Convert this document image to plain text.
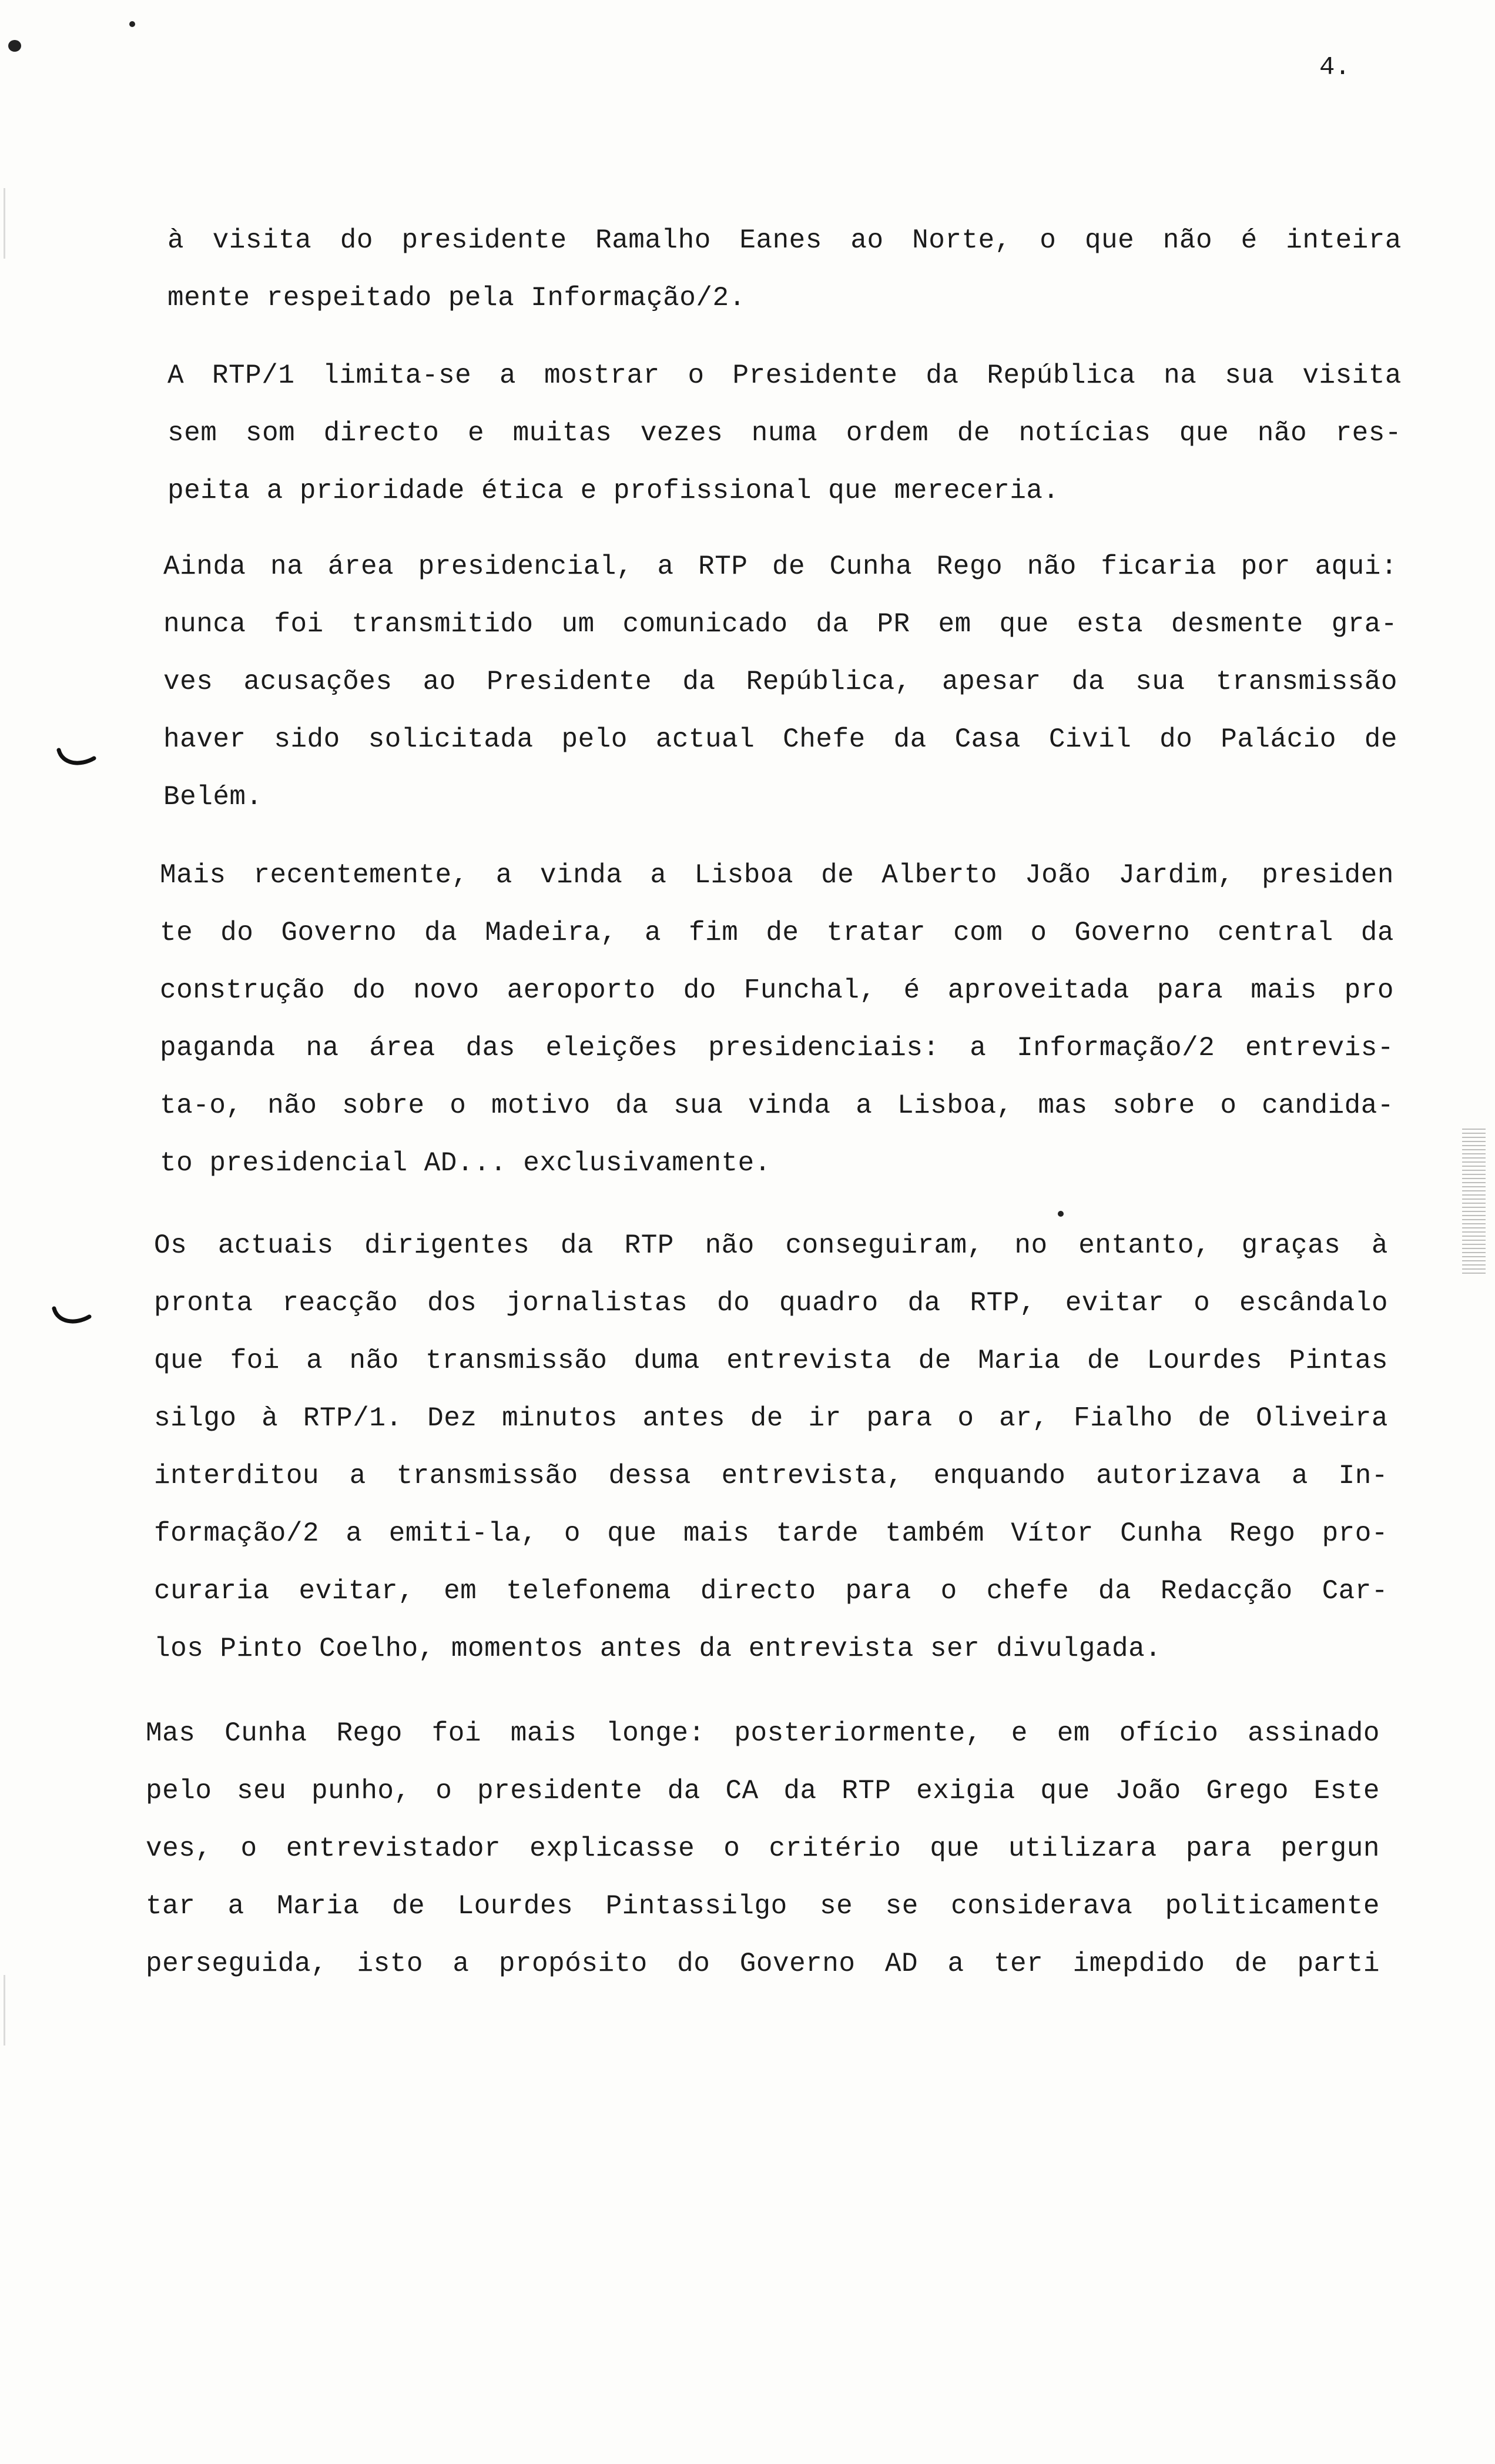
4.
à visita do presidente Ramalho Eanes ao Norte, o que não é inteira
mente respeitado pela Informação/2.
A RTP/1 limita-se a mostrar o Presidente da República na sua visita
sem som directo e muitas vezes numa ordem de notícias que não res-
peita a prioridade ética e profissional que mereceria.
Ainda na área presidencial, a RTP de Cunha Rego não ficaria por aqui:
nunca foi transmitido um comunicado da PR em que esta desmente gra-
ves acusações ao Presidente da República, apesar da sua transmissão
haver sido solicitada pelo actual Chefe da Casa Civil do Palácio de
Belém.
Mais recentemente, a vinda a Lisboa de Alberto João Jardim, presiden
te do Governo da Madeira, a fim de tratar com o Governo central da
construção do novo aeroporto do Funchal, é aproveitada para mais pro
paganda na área das eleições presidenciais: a Informação/2 entrevis-
ta-o, não sobre o motivo da sua vinda a Lisboa, mas sobre o candida-
to presidencial AD... exclusivamente.
Os actuais dirigentes da RTP não conseguiram, no entanto, graças à
pronta reacção dos jornalistas do quadro da RTP, evitar o escândalo
que foi a não transmissão duma entrevista de Maria de Lourdes Pintas
silgo à RTP/1. Dez minutos antes de ir para o ar, Fialho de Oliveira
interditou a transmissão dessa entrevista, enquando autorizava a In-
formação/2 a emiti-la, o que mais tarde também Vítor Cunha Rego pro-
curaria evitar, em telefonema directo para o chefe da Redacção Car-
los Pinto Coelho, momentos antes da entrevista ser divulgada.
Mas Cunha Rego foi mais longe: posteriormente, e em ofício assinado
pelo seu punho, o presidente da CA da RTP exigia que João Grego Este
ves, o entrevistador explicasse o critério que utilizara para pergun
tar a Maria de Lourdes Pintassilgo se se considerava politicamente
perseguida, isto a propósito do Governo AD a ter imepdido de parti
